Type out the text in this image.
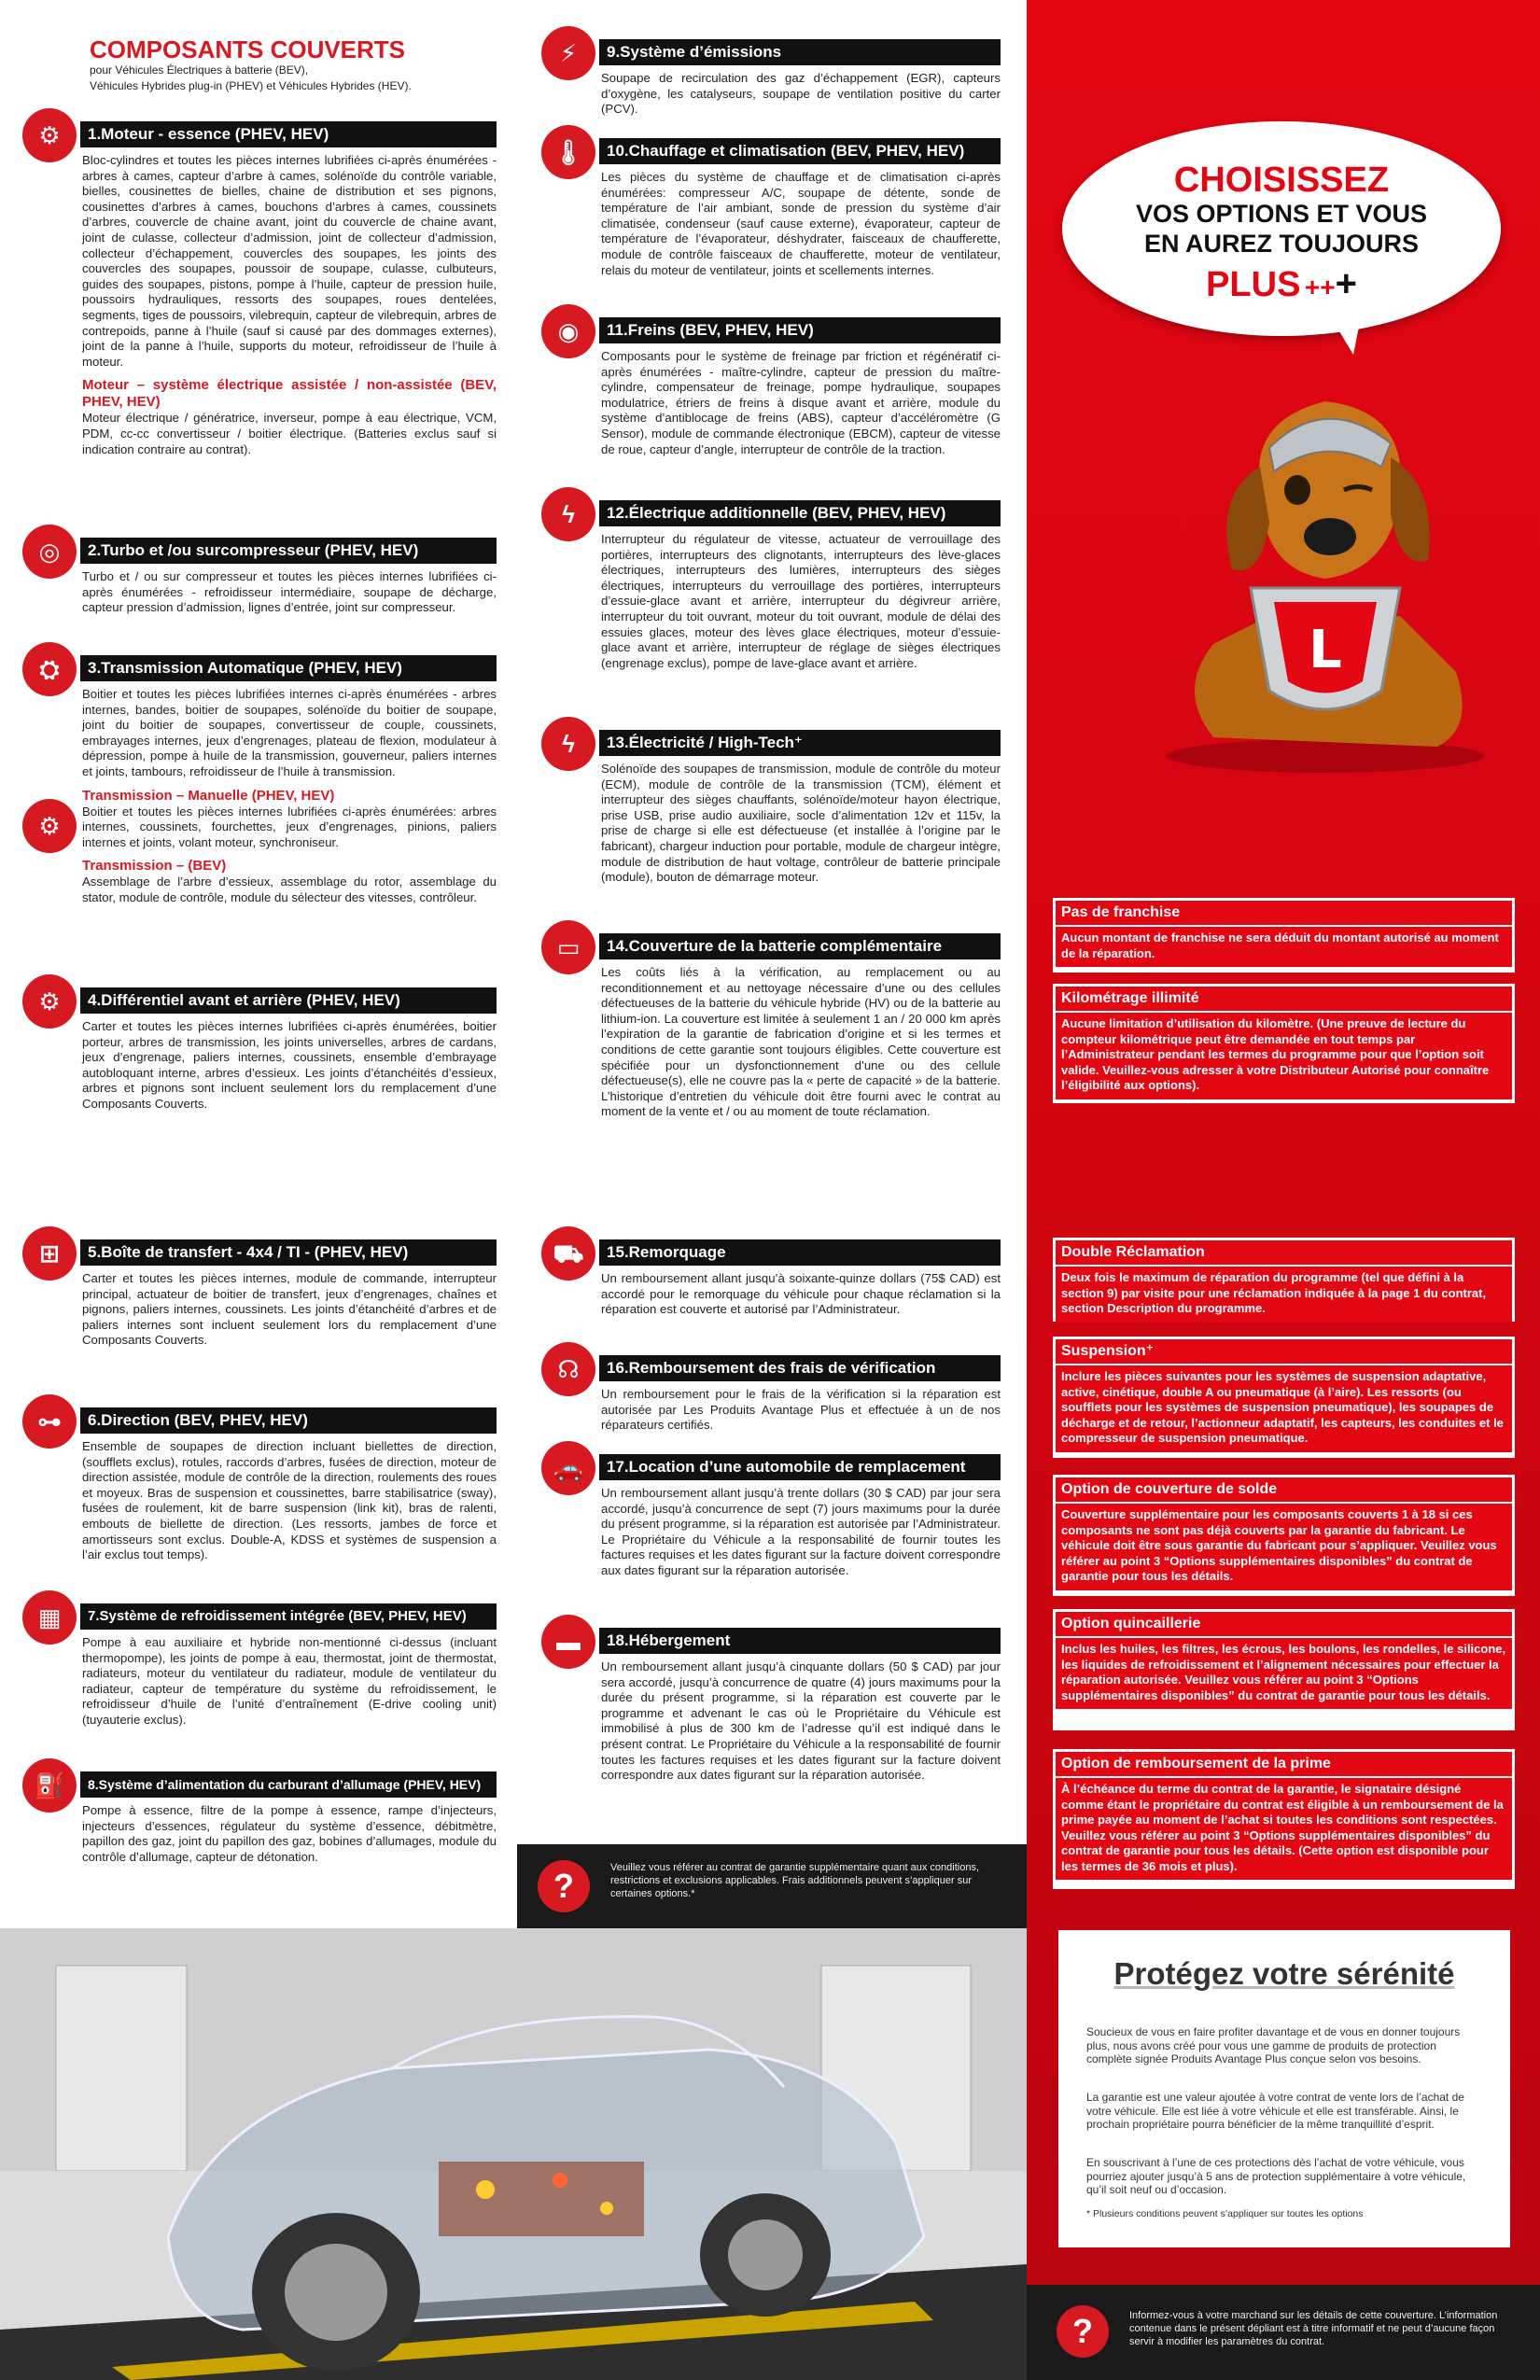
COMPOSANTS COUVERTS
pour Véhicules Électriques à batterie (BEV),
Véhicules Hybrides plug-in (PHEV) et Véhicules Hybrides (HEV).
⚙	1.Moteur - essence (PHEV, HEV)
Bloc-cylindres et toutes les pièces internes lubrifiées ci-après énumérées - arbres à cames, capteur d’arbre à cames, solénoïde du contrôle variable, bielles, cousinettes de bielles, chaine de distribution et ses pignons, cousinettes d’arbres à cames, bouchons d’arbres à cames, coussinets d’arbres, couvercle de chaine avant, joint du couvercle de chaine avant, joint de culasse, collecteur d’admission, joint de collecteur d’admission, collecteur d’échappement, couvercles des soupapes, les joints des couvercles des soupapes, poussoir de soupape, culasse, culbuteurs, guides des soupapes, pistons, pompe à l’huile, capteur de pression huile, poussoirs hydrauliques, ressorts des soupapes, roues dentelées, segments, tiges de poussoirs, vilebrequin, capteur de vilebrequin, arbres de contrepoids, panne à l’huile (sauf si causé par des dommages externes), joint de la panne à l’huile, supports du moteur, refroidisseur de l’huile à moteur.
Moteur – système électrique assistée / non-assistée (BEV, PHEV, HEV)
Moteur électrique / génératrice, inverseur, pompe à eau électrique, VCM, PDM, cc-cc convertisseur / boitier électrique. (Batteries exclus sauf si indication contraire au contrat).
◎	2.Turbo et /ou surcompresseur (PHEV, HEV)
Turbo et / ou sur compresseur et toutes les pièces internes lubrifiées ci-après énumérées - refroidisseur intermédiaire, soupape de décharge, capteur pression d’admission, lignes d’entrée, joint sur compresseur.
⛭	3.Transmission Automatique (PHEV, HEV)
Boitier et toutes les pièces lubrifiées internes ci-après énumérées - arbres internes, bandes, boitier de soupapes, solénoïde du boitier de soupape, joint du boitier de soupapes, convertisseur de couple, coussinets, embrayages internes, jeux d’engrenages, plateau de flexion, modulateur à dépression, pompe à huile de la transmission, gouverneur, paliers internes et joints, tambours, refroidisseur de l’huile à transmission.
Transmission – Manuelle (PHEV, HEV)
Boitier et toutes les pièces internes lubrifiées ci-après énumérées: arbres internes, coussinets, fourchettes, jeux d’engrenages, pinions, paliers internes et joints, volant moteur, synchroniseur.
Transmission – (BEV)
Assemblage de l’arbre d’essieux, assemblage du rotor, assemblage du stator, module de contrôle, module du sélecteur des vitesses, contrôleur.
⚙
⚙	4.Différentiel avant et arrière (PHEV, HEV)
Carter et toutes les pièces internes lubrifiées ci-après énumérées, boitier porteur, arbres de transmission, les joints universelles, arbres de cardans, jeux d’engrenage, paliers internes, coussinets, ensemble d’embrayage autobloquant interne, arbres d’essieux. Les joints d’étanchéités d’essieux, arbres et pignons sont incluent seulement lors du remplacement d’une Composants Couverts.
⊞	5.Boîte de transfert - 4x4 / TI - (PHEV, HEV)
Carter et toutes les pièces internes, module de commande, interrupteur principal, actuateur de boitier de transfert, jeux d’engrenages, chaînes et pignons, paliers internes, coussinets. Les joints d’étanchéité d’arbres et de paliers internes sont incluent seulement lors du remplacement d’une Composants Couverts.
⊶	6.Direction (BEV, PHEV, HEV)
Ensemble de soupapes de direction incluant biellettes de direction, (soufflets exclus), rotules, raccords d’arbres, fusées de direction, moteur de direction assistée, module de contrôle de la direction, roulements des roues et moyeux. Bras de suspension et coussinettes, barre stabilisatrice (sway), fusées de roulement, kit de barre suspension (link kit), bras de ralenti, embouts de biellette de direction. (Les ressorts, jambes de force et amortisseurs sont exclus. Double-A, KDSS et systèmes de suspension a l’air exclus tout temps).
▦	7.Système de refroidissement intégrée (BEV, PHEV, HEV)
Pompe à eau auxiliaire et hybride non-mentionné ci-dessus (incluant thermopompe), les joints de pompe à eau, thermostat, joint de thermostat, radiateurs, moteur du ventilateur du radiateur, module de ventilateur du radiateur, capteur de température du système du refroidissement, le refroidisseur d’huile de l’unité d’entraînement (E-drive cooling unit) (tuyauterie exclus).
⛽	8.Système d’alimentation du carburant d’allumage (PHEV, HEV)
Pompe à essence, filtre de la pompe à essence, rampe d’injecteurs, injecteurs d’essences, régulateur du système d’essence, débitmètre, papillon des gaz, joint du papillon des gaz, bobines d’allumages, module du contrôle d’allumage, capteur de détonation.
⚡	9.Système d’émissions
Soupape de recirculation des gaz d’échappement (EGR), capteurs d’oxygène, les catalyseurs, soupape de ventilation positive du carter (PCV).
🌡	10.Chauffage et climatisation (BEV, PHEV, HEV)
Les pièces du système de chauffage et de climatisation ci-après énumérées: compresseur A/C, soupape de détente, sonde de température de l’air ambiant, sonde de pression du système d’air climatisée, condenseur (sauf cause externe), évaporateur, capteur de température de l’évaporateur, déshydrater, faisceaux de chaufferette, module de contrôle faisceaux de chaufferette, moteur de ventilateur, relais du moteur de ventilateur, joints et scellements internes.
◉	11.Freins (BEV, PHEV, HEV)
Composants pour le système de freinage par friction et régénératif ci-après énumérées - maître-cylindre, capteur de pression du maître-cylindre, compensateur de freinage, pompe hydraulique, soupapes modulatrice, étriers de freins à disque avant et arrière, module du système d’antiblocage de freins (ABS), capteur d’accéléromètre (G Sensor), module de commande électronique (EBCM), capteur de vitesse de roue, capteur d’angle, interrupteur de contrôle de la traction.
ϟ	12.Électrique additionnelle (BEV, PHEV, HEV)
Interrupteur du régulateur de vitesse, actuateur de verrouillage des portières, interrupteurs des clignotants, interrupteurs des lève-glaces électriques, interrupteurs des lumières, interrupteurs des sièges électriques, interrupteurs du verrouillage des portières, interrupteurs d’essuie-glace avant et arrière, interrupteur du dégivreur arrière, interrupteur du toit ouvrant, moteur du toit ouvrant, module de délai des essuies glaces, moteur des lèves glace électriques, moteur d’essuie-glace avant et arrière, interrupteur de réglage de sièges électriques (engrenage exclus), pompe de lave-glace avant et arrière.
ϟ	13.Électricité / High-Tech⁺
Solénoïde des soupapes de transmission, module de contrôle du moteur (ECM), module de contrôle de la transmission (TCM), élément et interrupteur des sièges chauffants, solénoïde/moteur hayon électrique, prise USB, prise audio auxiliaire, socle d’alimentation 12v et 115v, la prise de charge si elle est défectueuse (et installée à l’origine par le fabricant), chargeur induction pour portable, module de chargeur intègre, module de distribution de haut voltage, contrôleur de batterie principale (module), bouton de démarrage moteur.
▭	14.Couverture de la batterie complémentaire
Les coûts liés à la vérification, au remplacement ou au reconditionnement et au nettoyage nécessaire d’une ou des cellules défectueuses de la batterie du véhicule hybride (HV) ou de la batterie au lithium-ion. La couverture est limitée à seulement 1 an / 20 000 km après l’expiration de la garantie de fabrication d’origine et si les termes et conditions de cette garantie sont toujours éligibles. Cette couverture est spécifiée pour un dysfonctionnement d’une ou des cellule défectueuse(s), elle ne couvre pas la « perte de capacité » de la batterie. L’historique d’entretien du véhicule doit être fourni avec le contrat au moment de la vente et / ou au moment de toute réclamation.
⛟	15.Remorquage
Un remboursement allant jusqu’à soixante-quinze dollars (75$ CAD) est accordé pour le remorquage du véhicule pour chaque réclamation si la réparation est couverte et autorisé par l’Administrateur.
☊	16.Remboursement des frais de vérification
Un remboursement pour le frais de la vérification si la réparation est autorisée par Les Produits Avantage Plus et effectuée à un de nos réparateurs certifiés.
🚗	17.Location d’une automobile de remplacement
Un remboursement allant jusqu’à trente dollars (30 $ CAD) par jour sera accordé, jusqu’à concurrence de sept (7) jours maximums pour la durée du présent programme, si la réparation est autorisée par l’Administrateur. Le Propriétaire du Véhicule a la responsabilité de fournir toutes les factures requises et les dates figurant sur la facture doivent correspondre aux dates figurant sur la réparation autorisée.
▬	18.Hébergement
Un remboursement allant jusqu’à cinquante dollars (50 $ CAD) par jour sera accordé, jusqu’à concurrence de quatre (4) jours maximums pour la durée du présent programme, si la réparation est couverte par le programme et advenant le cas où le Propriétaire du Véhicule est immobilisé à plus de 300 km de l’adresse qu’il est indiqué dans le présent contrat. Le Propriétaire du Véhicule a la responsabilité de fournir toutes les factures requises et les dates figurant sur la facture doivent correspondre aux dates figurant sur la réparation autorisée.
?	Veuillez vous référer au contrat de garantie supplémentaire quant aux conditions, restrictions et exclusions applicables. Frais additionnels peuvent s’appliquer sur certaines options.*
CHOISISSEZ
VOS OPTIONS ET VOUS
EN AUREZ TOUJOURS
PLUS +++
L
Pas de franchise
Aucun montant de franchise ne sera déduit du montant autorisé au moment de la réparation.
Kilométrage illimité
Aucune limitation d’utilisation du kilomètre. (Une preuve de lecture du compteur kilométrique peut être demandée en tout temps par l’Administrateur pendant les termes du programme pour que l’option soit valide. Veuillez-vous adresser à votre Distributeur Autorisé pour connaître l’éligibilité aux options).
Double Réclamation
Deux fois le maximum de réparation du programme (tel que défini à la section 9) par visite pour une réclamation indiquée à la page 1 du contrat, section Description du programme.
Suspension⁺
Inclure les pièces suivantes pour les systèmes de suspension adaptative, active, cinétique, double A ou pneumatique (à l’aire). Les ressorts (ou soufflets pour les systèmes de suspension pneumatique), les soupapes de décharge et de retour, l’actionneur adaptatif, les capteurs, les conduites et le compresseur de suspension pneumatique.
Option de couverture de solde
Couverture supplémentaire pour les composants couverts 1 à 18 si ces composants ne sont pas déjà couverts par la garantie du fabricant. Le véhicule doit être sous garantie du fabricant pour s’appliquer. Veuillez vous référer au point 3 “Options supplémentaires disponibles” du contrat de garantie pour tous les détails.
Option quincaillerie
Inclus les huiles, les filtres, les écrous, les boulons, les rondelles, le silicone, les liquides de refroidissement et l’alignement nécessaires pour effectuer la réparation autorisée. Veuillez vous référer au point 3 “Options supplémentaires disponibles” du contrat de garantie pour tous les détails.
Option de remboursement de la prime
À l’échéance du terme du contrat de la garantie, le signataire désigné comme étant le propriétaire du contrat est éligible à un remboursement de la prime payée au moment de l’achat si toutes les conditions sont respectées. Veuillez vous référer au point 3 “Options supplémentaires disponibles” du contrat de garantie pour tous les détails. (Cette option est disponible pour les termes de 36 mois et plus).
Protégez votre sérénité
Soucieux de vous en faire profiter davantage et de vous en donner toujours plus, nous avons créé pour vous une gamme de produits de protection complète signée Produits Avantage Plus conçue selon vos besoins.
La garantie est une valeur ajoutée à votre contrat de vente lors de l’achat de votre véhicule. Elle est liée à votre véhicule et elle est transférable. Ainsi, le prochain propriétaire pourra bénéficier de la même tranquillité d’esprit.
En souscrivant à l’une de ces protections dès l’achat de votre véhicule, vous pourriez ajouter jusqu’à 5 ans de protection supplémentaire à votre véhicule, qu’il soit neuf ou d’occasion.
* Plusieurs conditions peuvent s’appliquer sur toutes les options
?	Informez-vous à votre marchand sur les détails de cette couverture. L’information contenue dans le présent dépliant est à titre informatif et ne peut d’aucune façon servir à modifier les paramètres du contrat.
